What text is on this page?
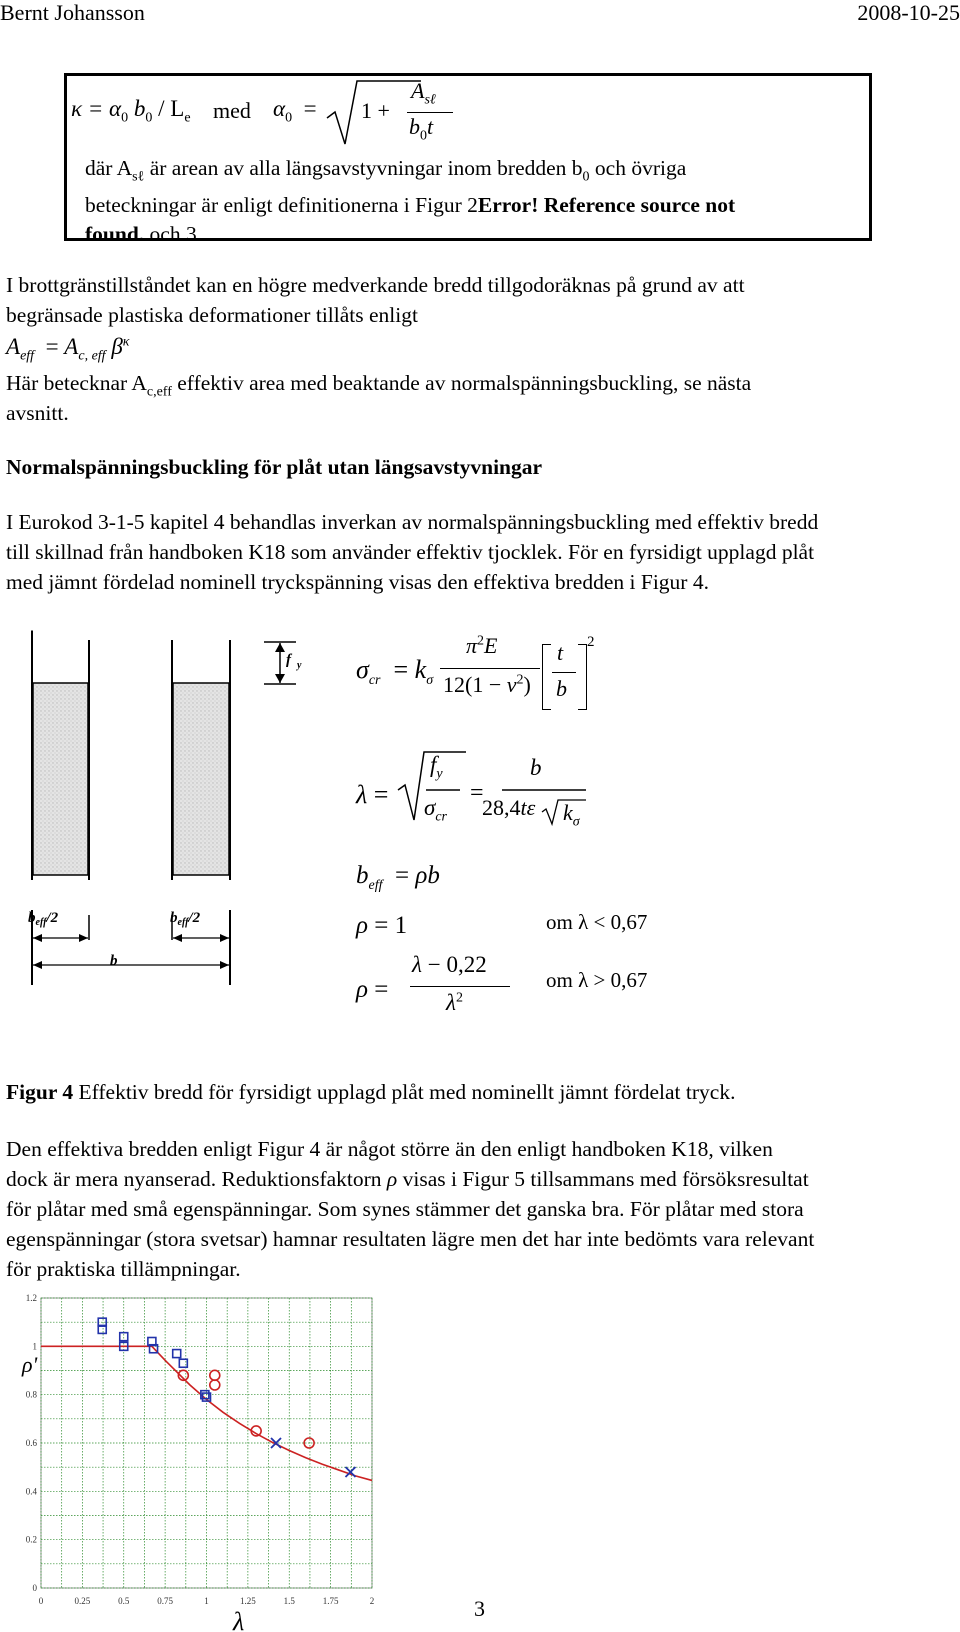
Bernt Johansson	2008-10-25
$\kappa = \alpha_0$ $b_0 / L_e$ med $\alpha_0 = 1$ +
$A_{s\ell}$
$b_0t$
där $A_{s\ell}$ är arean av alla längsavstyvningar inom bredden $b_0$ och övriga
beteckningar är enligt definitionerna i Figur 2Error! Reference source not
found. och 3.
I brottgränstillståndet kan en högre medverkande bredd tillgodoräknas på grund av att
begränsade plastiska deformationer tillåts enligt
$A_{eff} = A_{c, eff}$ $\beta^\kappa$
Här betecknar $A_{c,eff}$ effektiv area med beaktande av normalspänningsbuckling, se nästa
avsnitt.
Normalspänningsbuckling för plåt utan längsavstyvningar
I Eurokod 3-1-5 kapitel 4 behandlas inverkan av normalspänningsbuckling med effektiv bredd
till skillnad från handboken K18 som använder effektiv tjocklek. För en fyrsidigt upplagd plåt
med jämnt fördelad nominell tryckspänning visas den effektiva bredden i Figur 4.
f y
$b_{eff}/2$	$b_{eff}/2$
b
$\sigma_{cr} = k_\sigma$
$\pi^2E$
$12(1 - \nu^2)$
t
b
2
λ =
$f_y$
$\sigma_{cr}$
=
b
28,4tε $k_\sigma$
$b_{eff} = \rho b$
ρ = 1	om λ < 0,67
ρ =
λ − 0,22
$\lambda^2$
om λ > 0,67
Figur 4 Effektiv bredd för fyrsidigt upplagd plåt med nominellt jämnt fördelat tryck.
Den effektiva bredden enligt Figur 4 är något större än den enligt handboken K18, vilken
dock är mera nyanserad. Reduktionsfaktorn ρ visas i Figur 5 tillsammans med försöksresultat
för plåtar med små egenspänningar. Som synes stämmer det ganska bra. För plåtar med stora
egenspänningar (stora svetsar) hamnar resultaten lägre men det har inte bedömts vara relevant
för praktiska tillämpningar.
0	0.25	0.5	0.75	1	1.25	1.5	1.75	2
0
0.2
0.4
0.6
0.8
1
1.2
ρ'
λ	3
